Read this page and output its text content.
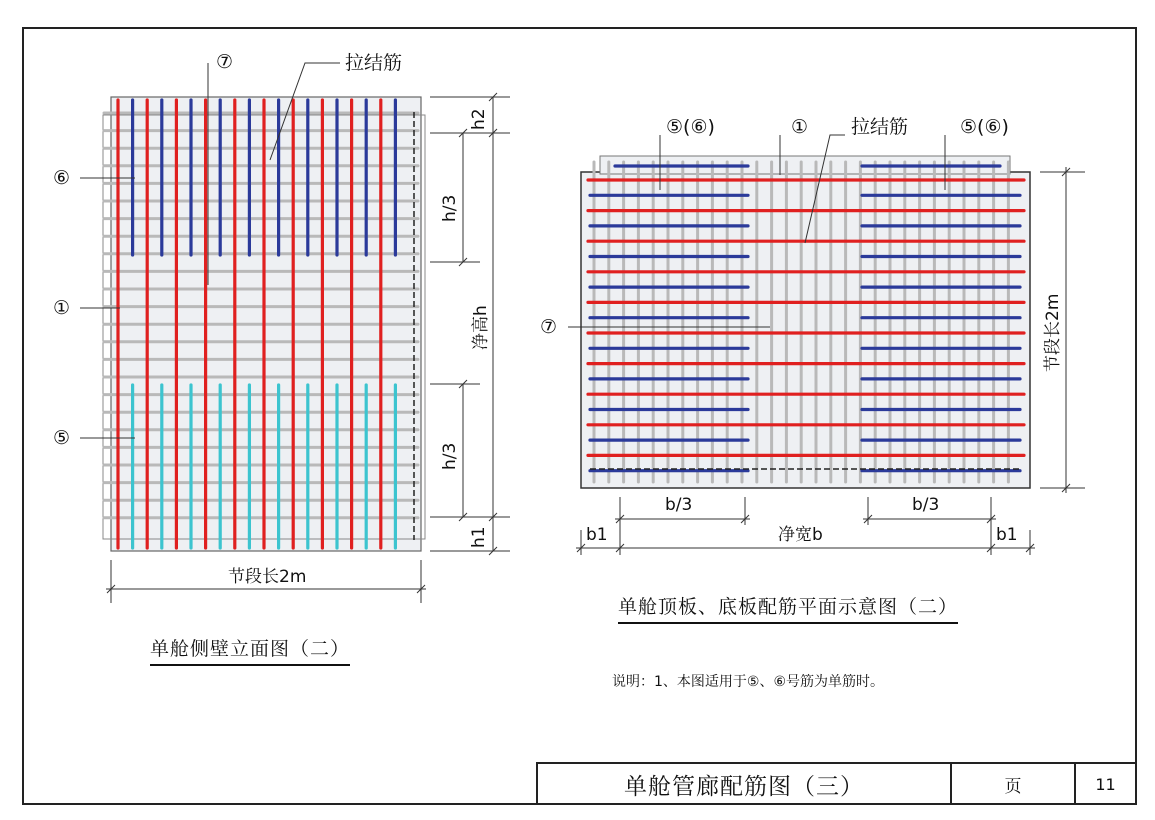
⑦	拉结筋
⑥
①
⑤
h2
h/3
净高h
h/3
h1
节段长2m
⑤(⑥)	① 拉结筋	⑤(⑥)
⑦	节段长2m
b/3	b/3
b1	净宽b	b1
单舱侧壁立面图（二）
单舱顶板、底板配筋平面示意图（二）
说明：1、本图适用于⑤、⑥号筋为单筋时。
单舱管廊配筋图（三）	页	11
